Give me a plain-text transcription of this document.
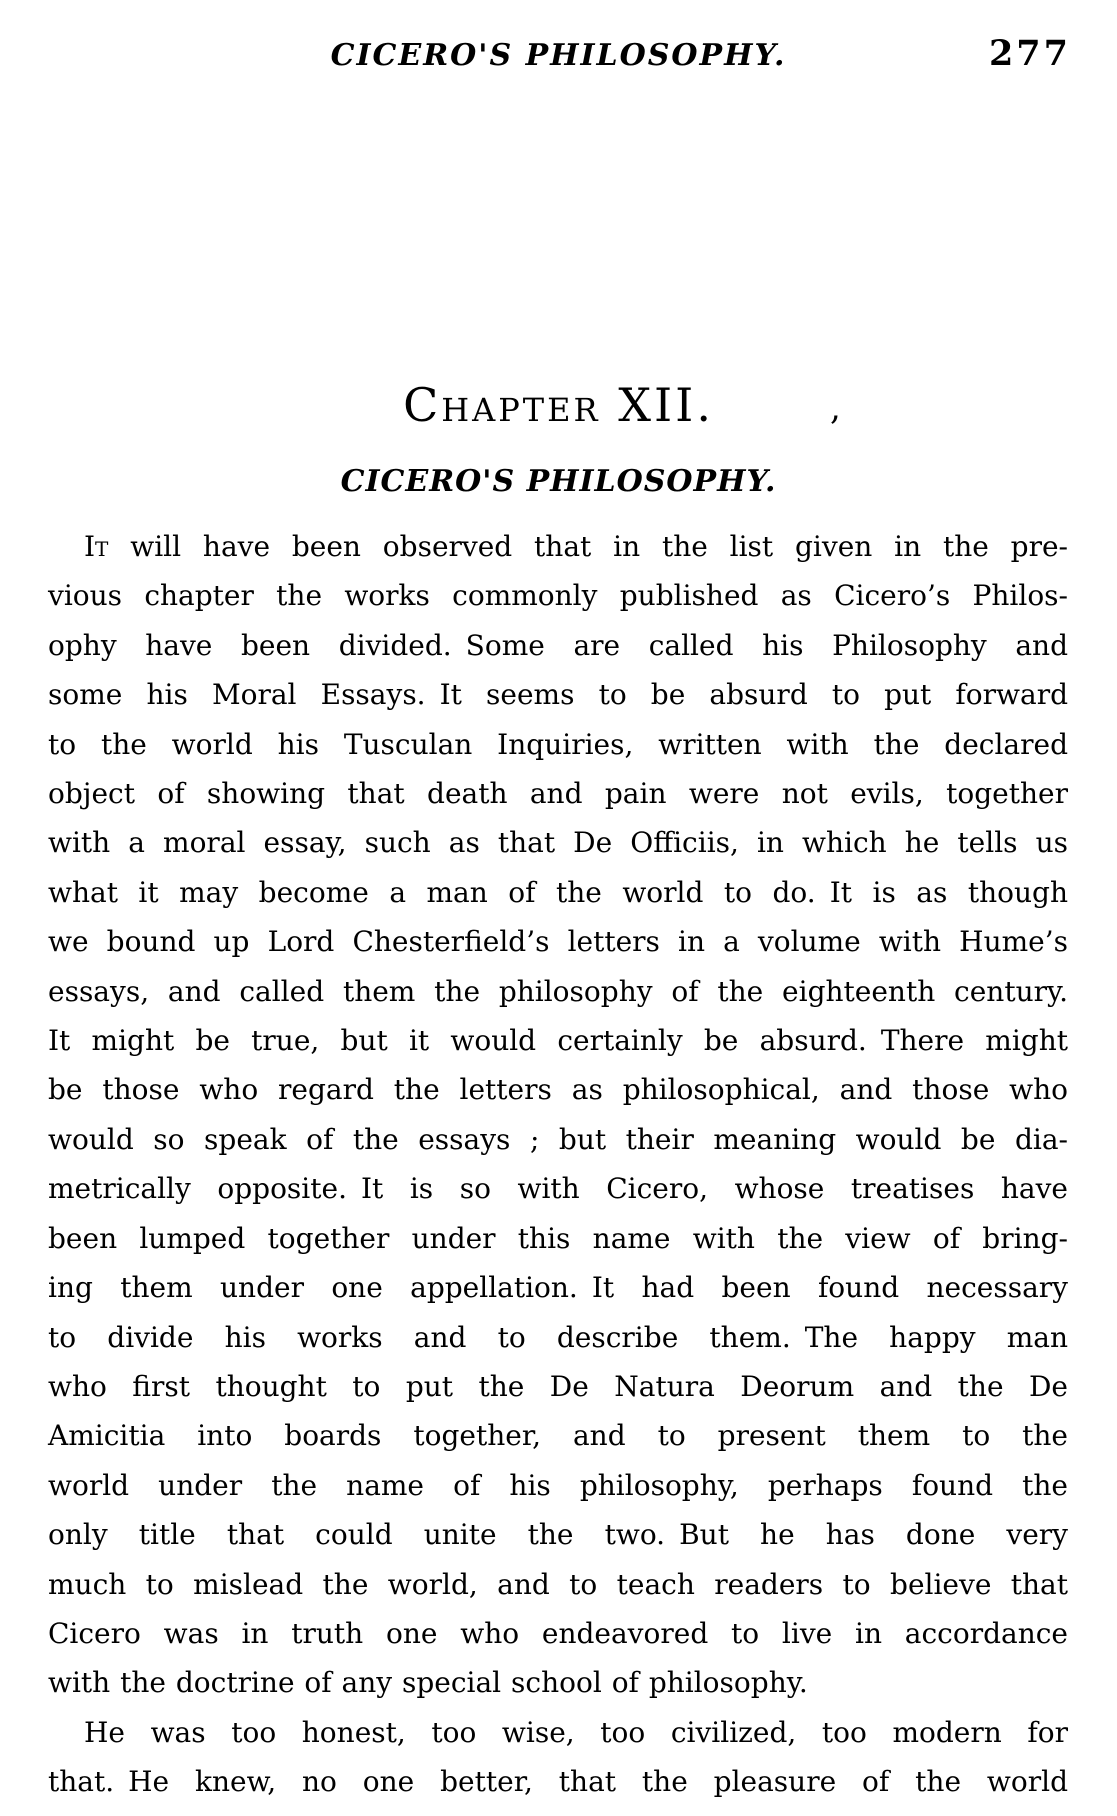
CICERO'S PHILOSOPHY.	277
Chapter XII.	,
CICERO'S PHILOSOPHY.
It will have been observed that in the list given in the pre-
vious chapter the works commonly published as Cicero’s Philos-
ophy have been divided. Some are called his Philosophy and
some his Moral Essays. It seems to be absurd to put forward
to the world his Tusculan Inquiries, written with the declared
object of showing that death and pain were not evils, together
with a moral essay, such as that De Officiis, in which he tells us
what it may become a man of the world to do. It is as though
we bound up Lord Chesterfield’s letters in a volume with Hume’s
essays, and called them the philosophy of the eighteenth century.
It might be true, but it would certainly be absurd. There might
be those who regard the letters as philosophical, and those who
would so speak of the essays ; but their meaning would be dia-
metrically opposite. It is so with Cicero, whose treatises have
been lumped together under this name with the view of bring-
ing them under one appellation. It had been found necessary
to divide his works and to describe them. The happy man
who first thought to put the De Natura Deorum and the De
Amicitia into boards together, and to present them to the
world under the name of his philosophy, perhaps found the
only title that could unite the two. But he has done very
much to mislead the world, and to teach readers to believe that
Cicero was in truth one who endeavored to live in accordance
with the doctrine of any special school of philosophy.
He was too honest, too wise, too civilized, too modern for
that. He knew, no one better, that the pleasure of the world
